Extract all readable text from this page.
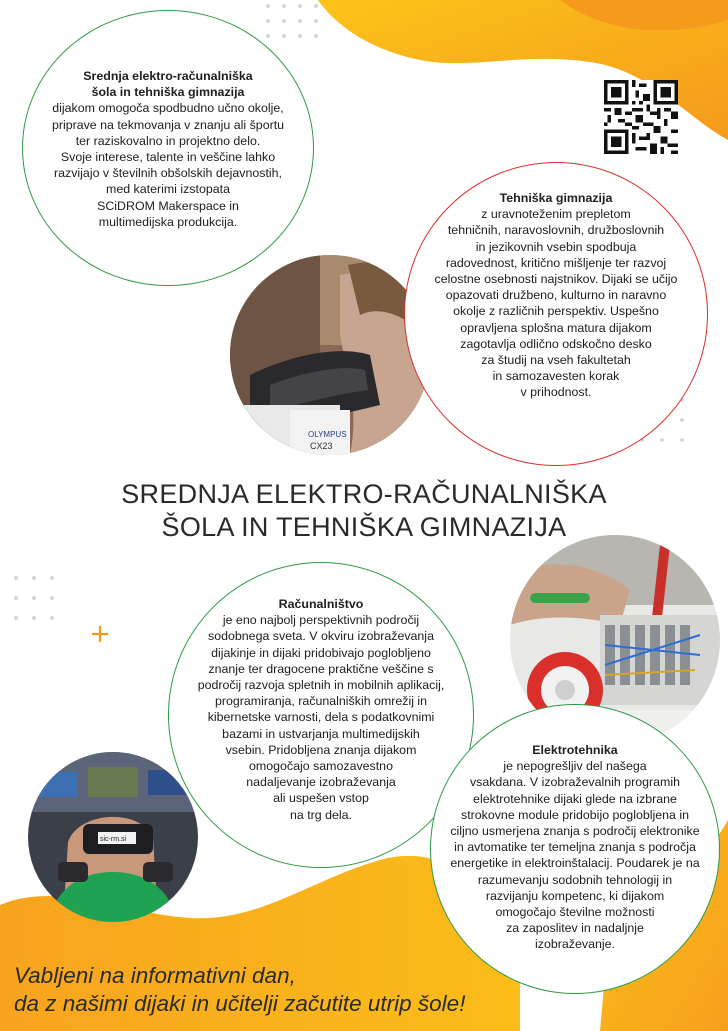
OLYMPUS
CX23
sic-rm.si
Srednja elektro-računalniška
šola in tehniška gimnazija

dijakom omogoča spodbudno učno okolje,
priprave na tekmovanja v znanju ali športu
ter raziskovalno in projektno delo.
Svoje interese, talente in veščine lahko
razvijajo v številnih obšolskih dejavnostih,
med katerimi izstopata
SCiDROM Makerspace in
multimedijska produkcija.

Tehniška gimnazija

z uravnoteženim prepletom
tehničnih, naravoslovnih, družboslovnih
in jezikovnih vsebin spodbuja
radovednost, kritično mišljenje ter razvoj
celostne osebnosti najstnikov. Dijaki se učijo
opazovati družbeno, kulturno in naravno
okolje z različnih perspektiv. Uspešno
opravljena splošna matura dijakom
zagotavlja odlično odskočno desko
za študij na vseh fakultetah
in samozavesten korak
v prihodnost.

SREDNJA ELEKTRO-RAČUNALNIŠKA
ŠOLA IN TEHNIŠKA GIMNAZIJA
Računalništvo

je eno najbolj perspektivnih področij
sodobnega sveta. V okviru izobraževanja
dijakinje in dijaki pridobivajo poglobljeno
znanje ter dragocene praktične veščine s
področij razvoja spletnih in mobilnih aplikacij,
programiranja, računalniških omrežij in
kibernetske varnosti, dela s podatkovnimi
bazami in ustvarjanja multimedijskih
vsebin. Pridobljena znanja dijakom
omogočajo samozavestno
nadaljevanje izobraževanja
ali uspešen vstop
na trg dela.

Elektrotehnika

je nepogrešljiv del našega
vsakdana. V izobraževalnih programih
elektrotehnike dijaki glede na izbrane
strokovne module pridobijo poglobljena in
ciljno usmerjena znanja s področij elektronike
in avtomatike ter temeljna znanja s področja
energetike in elektroinštalacij. Poudarek je na
razumevanju sodobnih tehnologij in
razvijanju kompetenc, ki dijakom
omogočajo številne možnosti
za zaposlitev in nadaljnje
izobraževanje.

Vabljeni na informativni dan,
da z našimi dijaki in učitelji začutite utrip šole!
